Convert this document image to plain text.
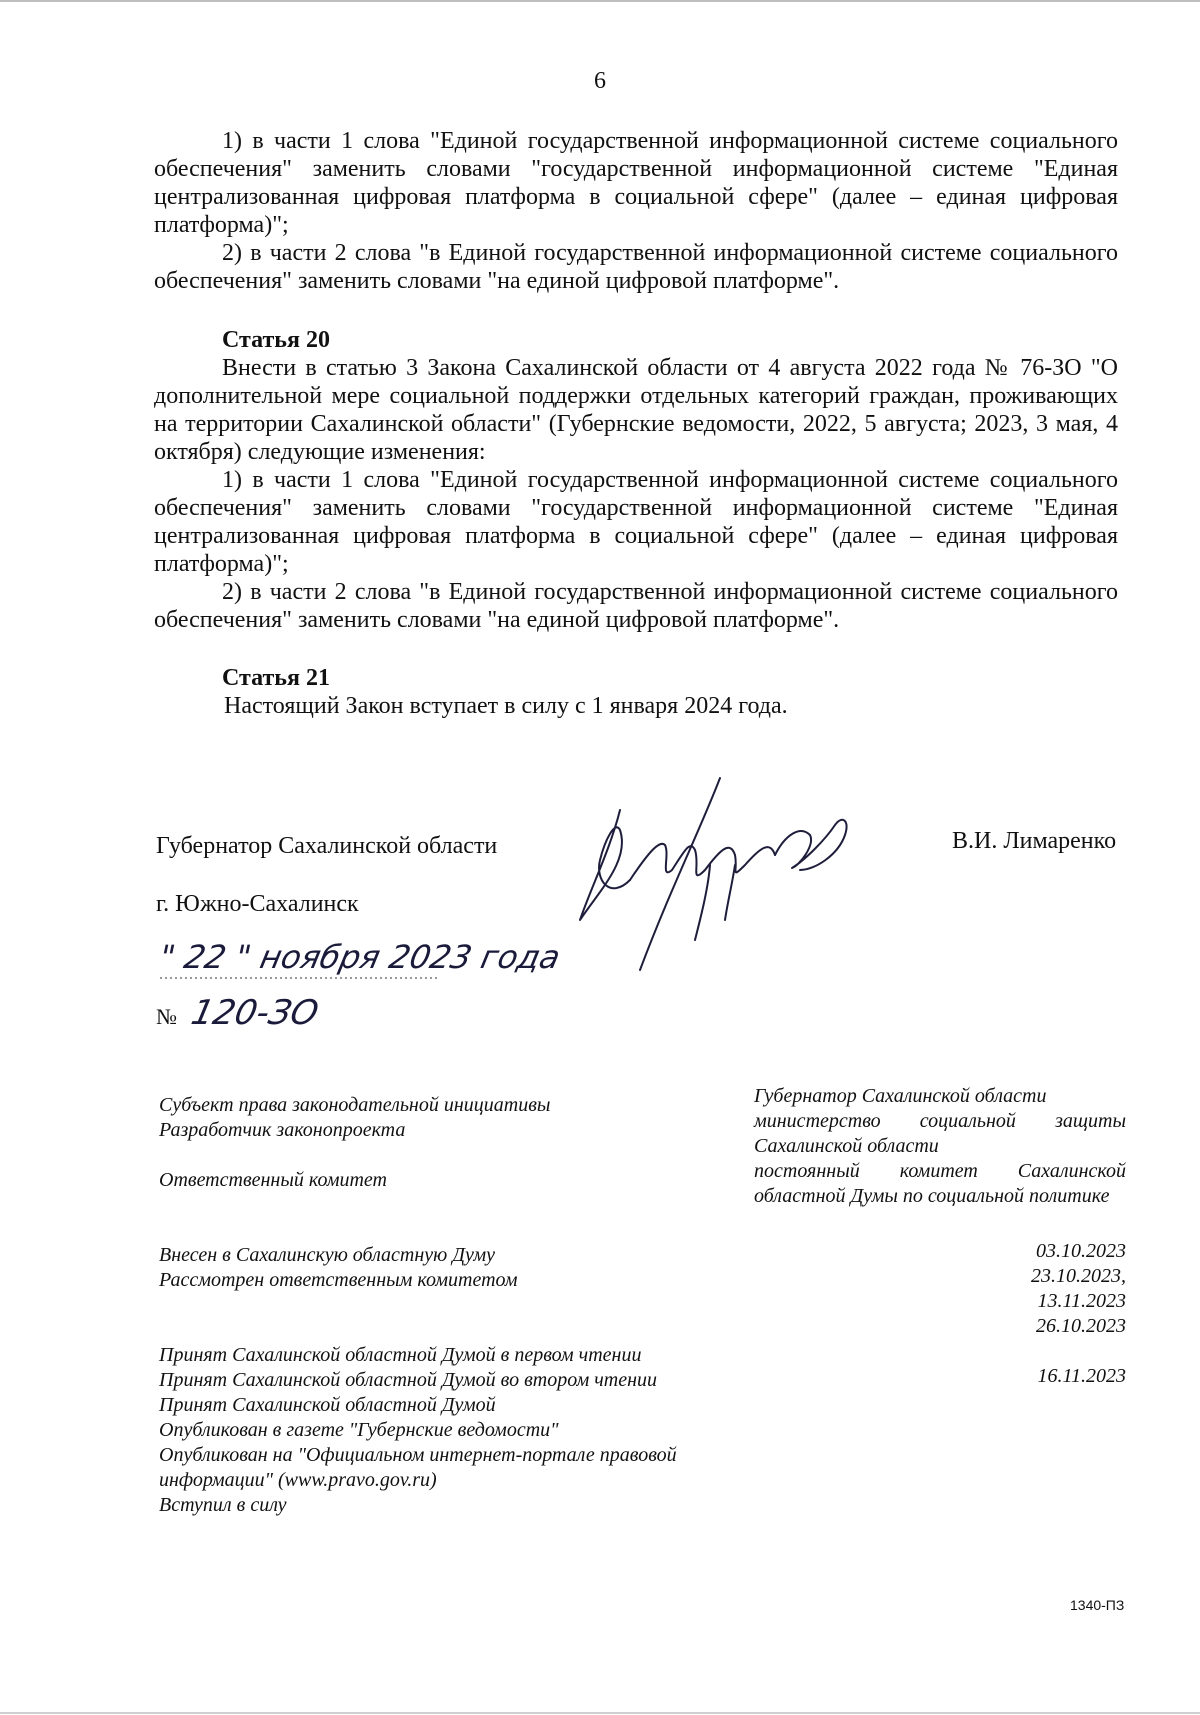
6

1) в части 1 слова "Единой государственной информационной системе социального обеспечения" заменить словами "государственной информационной системе "Единая централизованная цифровая платформа в социальной сфере" (далее – единая цифровая платформа)";

2) в части 2 слова "в Единой государственной информационной системе социального обеспечения" заменить словами "на единой цифровой платформе".

Статья 20

Внести в статью 3 Закона Сахалинской области от 4 августа 2022 года № 76-ЗО "О дополнительной мере социальной поддержки отдельных категорий граждан, проживающих на территории Сахалинской области" (Губернские ведомости, 2022, 5 августа; 2023, 3 мая, 4 октября) следующие изменения:

1) в части 1 слова "Единой государственной информационной системе социального обеспечения" заменить словами "государственной информационной системе "Единая централизованная цифровая платформа в социальной сфере" (далее – единая цифровая платформа)";

2) в части 2 слова "в Единой государственной информационной системе социального обеспечения" заменить словами "на единой цифровой платформе".

Статья 21

Настоящий Закон вступает в силу с 1 января 2024 года.

Губернатор Сахалинской области	В.И. Лимаренко
г. Южно-Сахалинск
" 22 " ноября 2023 года
№ 120-ЗО
Субъект права законодательной инициативы
Разработчик законопроекта
Ответственный комитет
Внесен в Сахалинскую областную Думу
Рассмотрен ответственным комитетом
Принят Сахалинской областной Думой в первом чтении
Принят Сахалинской областной Думой во втором чтении
Принят Сахалинской областной Думой
Опубликован в газете "Губернские ведомости"
Опубликован на "Официальном интернет-портале правовой информации" (www.pravo.gov.ru)
Вступил в силу
Губернатор Сахалинской области
министерство социальной защиты Сахалинской области
постоянный комитет Сахалинской областной Думы по социальной политике
03.10.2023
23.10.2023,
13.11.2023
26.10.2023
16.11.2023
1340-ПЗ
